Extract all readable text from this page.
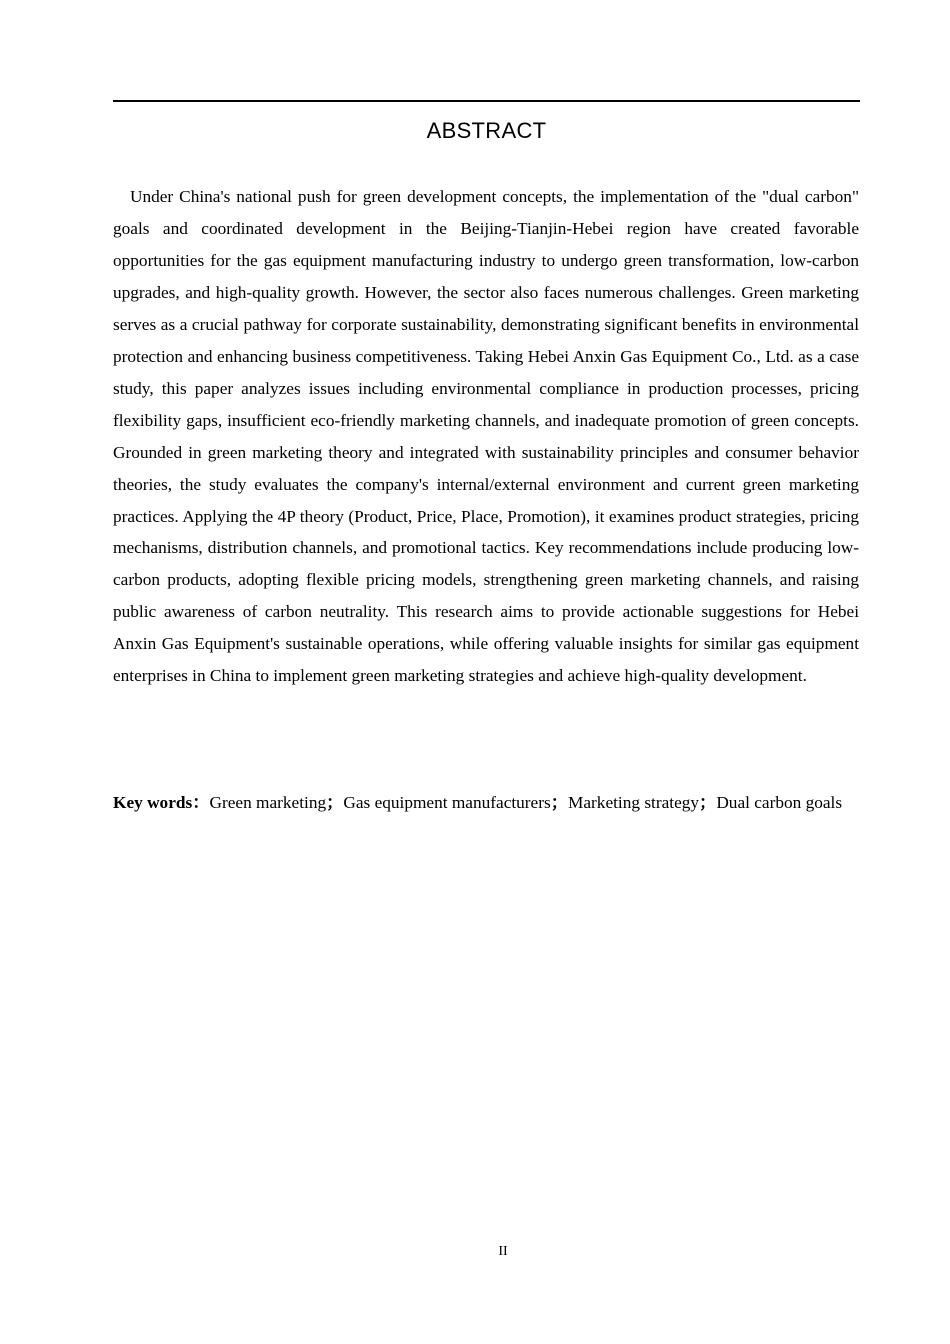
ABSTRACT

Under China's national push for green development concepts, the implementation of the "dual carbon" goals and coordinated development in the Beijing-Tianjin-Hebei region have created favorable opportunities for the gas equipment manufacturing industry to undergo green transformation, low-carbon upgrades, and high-quality growth. However, the sector also faces numerous challenges. Green marketing serves as a crucial pathway for corporate sustainability, demonstrating significant benefits in environmental protection and enhancing business competitiveness. Taking Hebei Anxin Gas Equipment Co., Ltd. as a case study, this paper analyzes issues including environmental compliance in production processes, pricing flexibility gaps, insufficient eco-friendly marketing channels, and inadequate promotion of green concepts. Grounded in green marketing theory and integrated with sustainability principles and consumer behavior theories, the study evaluates the company's internal/external environment and current green marketing practices. Applying the 4P theory (Product, Price, Place, Promotion), it examines product strategies, pricing mechanisms, distribution channels, and promotional tactics. Key recommendations include producing low-carbon products, adopting flexible pricing models, strengthening green marketing channels, and raising public awareness of carbon neutrality. This research aims to provide actionable suggestions for Hebei Anxin Gas Equipment's sustainable operations, while offering valuable insights for similar gas equipment enterprises in China to implement green marketing strategies and achieve high-quality development.

Key words：Green marketing；Gas equipment manufacturers；Marketing strategy；Dual carbon goals

II
